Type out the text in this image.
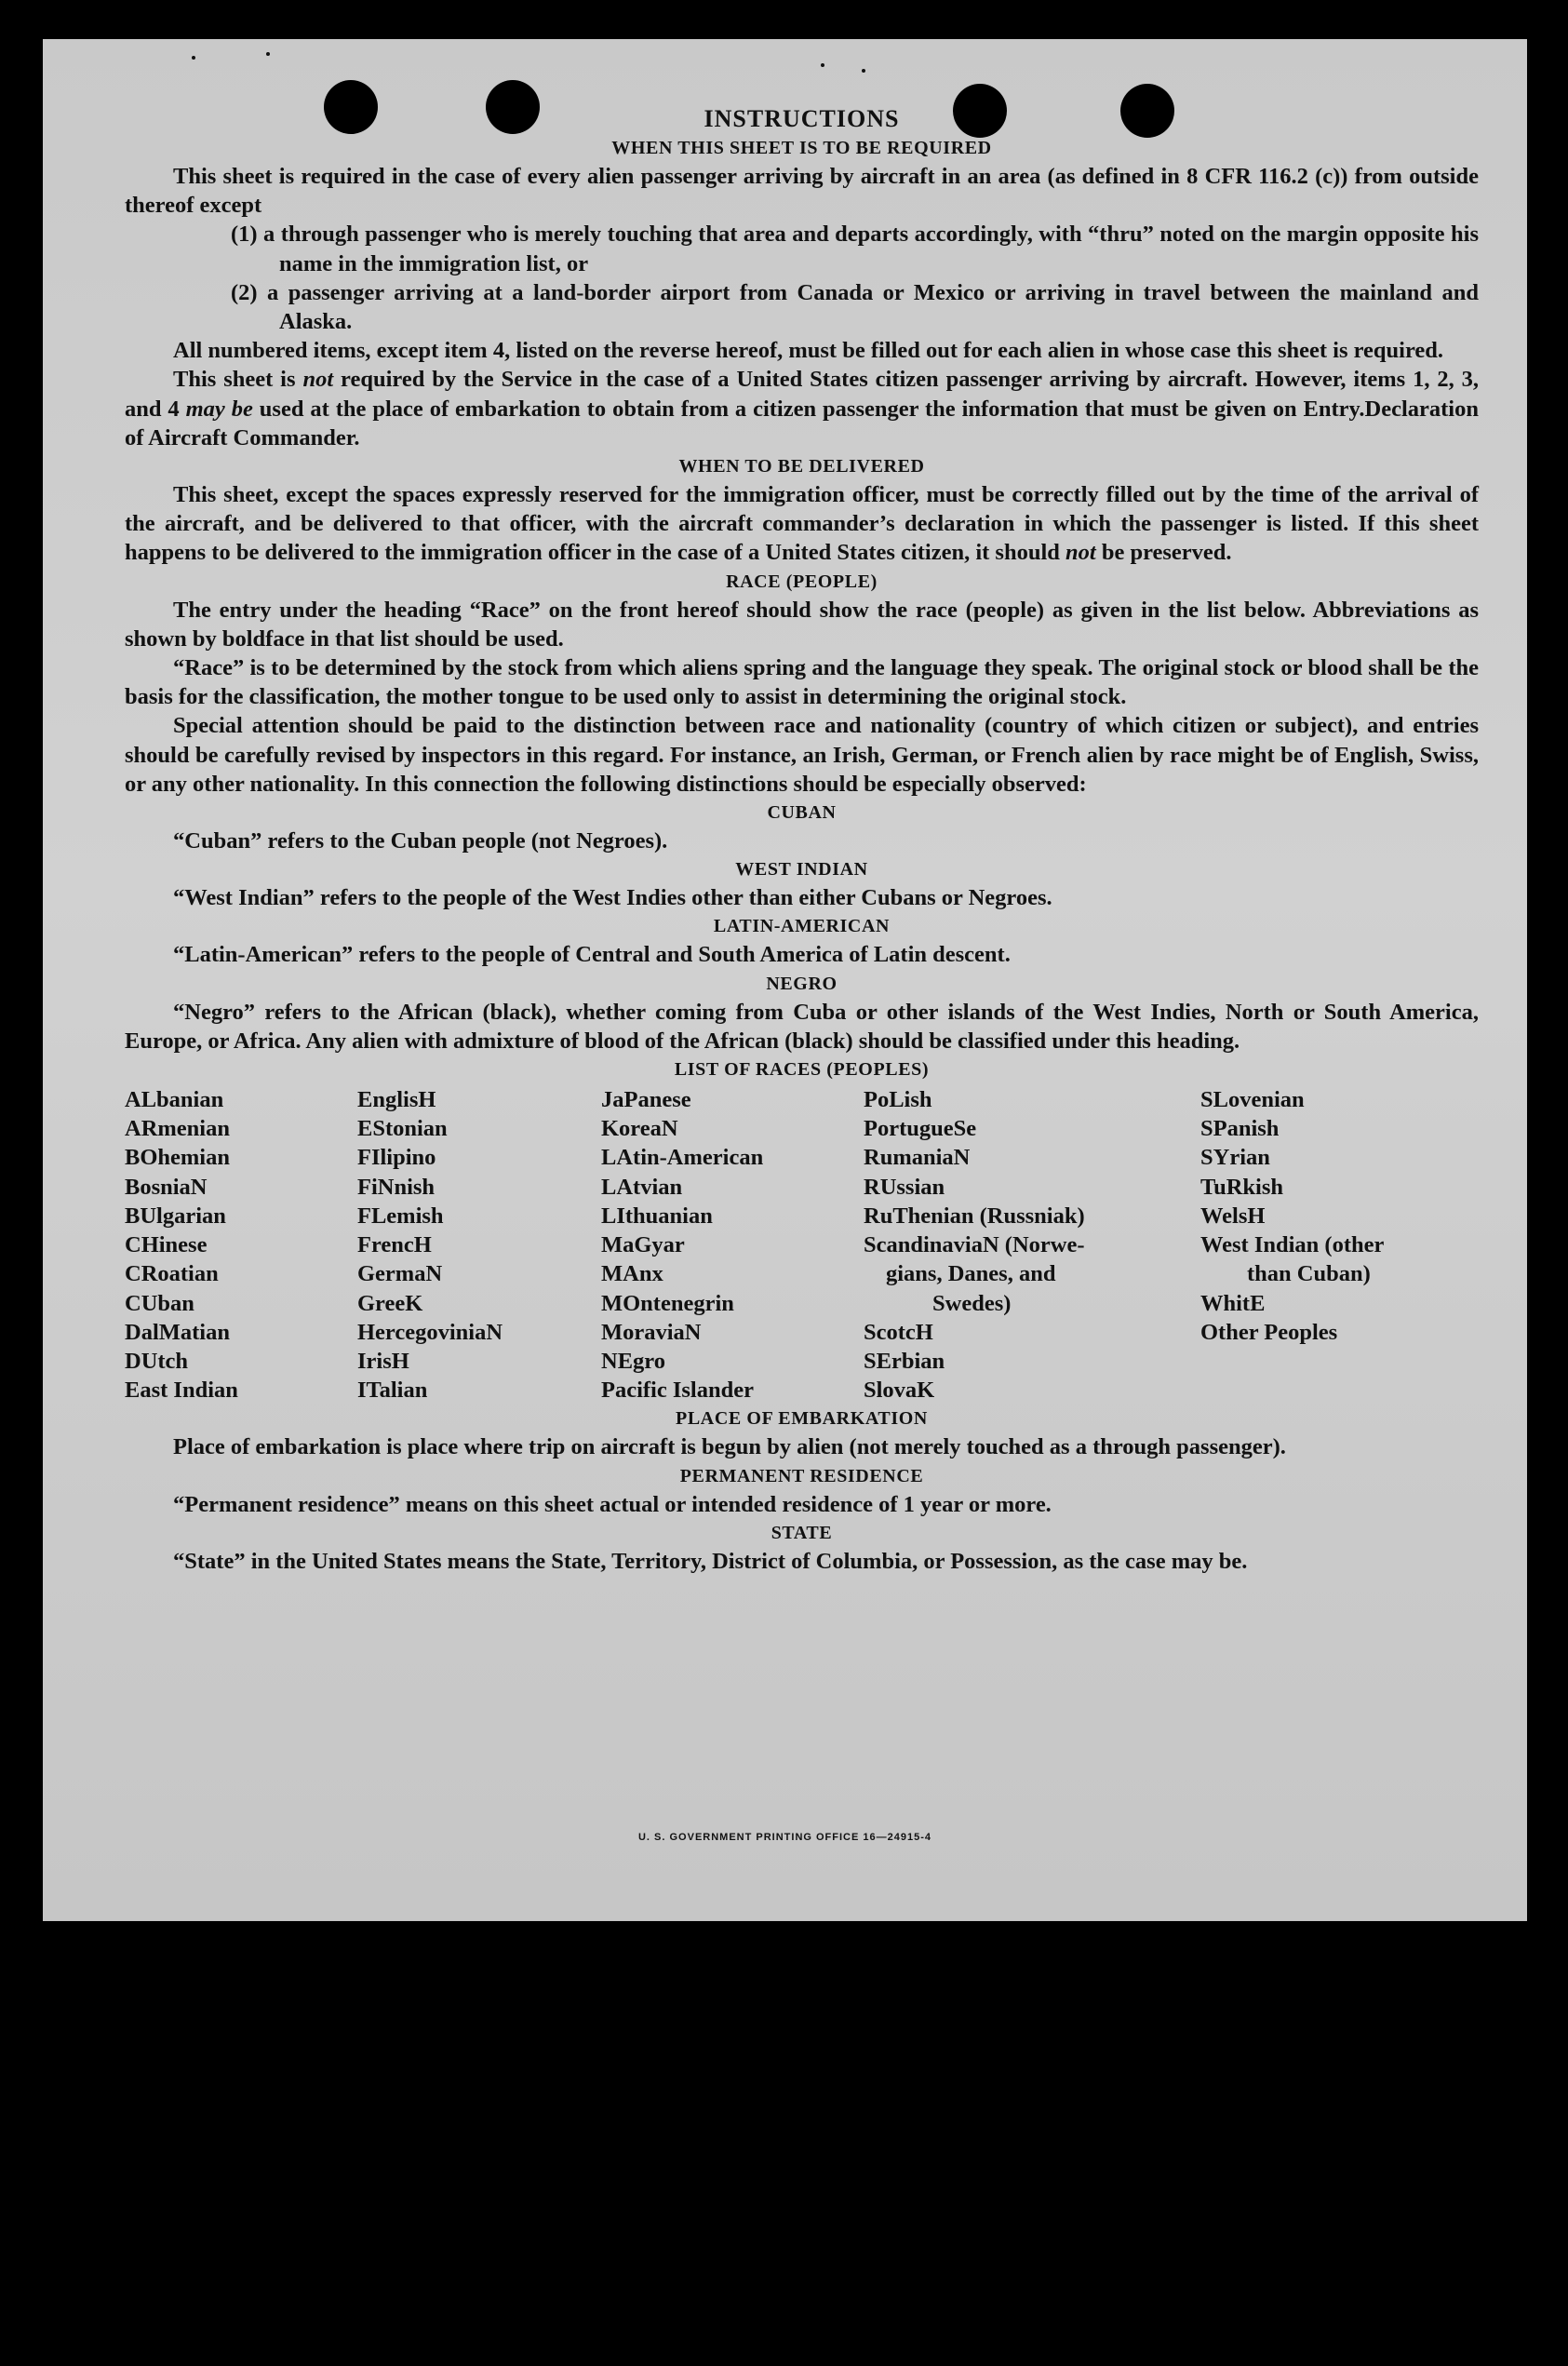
INSTRUCTIONS
WHEN THIS SHEET IS TO BE REQUIRED

This sheet is required in the case of every alien passenger arriving by aircraft in an area (as defined in 8 CFR 116.2 (c)) from outside thereof except

(1) a through passenger who is merely touching that area and departs accordingly, with “thru” noted on the margin opposite his name in the immigration list, or

(2) a passenger arriving at a land-border airport from Canada or Mexico or arriving in travel between the mainland and Alaska.

All numbered items, except item 4, listed on the reverse hereof, must be filled out for each alien in whose case this sheet is required.

This sheet is not required by the Service in the case of a United States citizen passenger arriving by aircraft. However, items 1, 2, 3, and 4 may be used at the place of embarkation to obtain from a citizen passenger the information that must be given on Entry.Declaration of Aircraft Commander.

WHEN TO BE DELIVERED

This sheet, except the spaces expressly reserved for the immigration officer, must be correctly filled out by the time of the arrival of the aircraft, and be delivered to that officer, with the aircraft commander’s declaration in which the passenger is listed. If this sheet happens to be delivered to the immigration officer in the case of a United States citizen, it should not be preserved.

RACE (PEOPLE)

The entry under the heading “Race” on the front hereof should show the race (people) as given in the list below. Abbreviations as shown by boldface in that list should be used.

“Race” is to be determined by the stock from which aliens spring and the language they speak. The original stock or blood shall be the basis for the classification, the mother tongue to be used only to assist in determining the original stock.

Special attention should be paid to the distinction between race and nationality (country of which citizen or subject), and entries should be carefully revised by inspectors in this regard. For instance, an Irish, German, or French alien by race might be of English, Swiss, or any other nationality. In this connection the following distinctions should be especially observed:

CUBAN

“Cuban” refers to the Cuban people (not Negroes).

WEST INDIAN

“West Indian” refers to the people of the West Indies other than either Cubans or Negroes.

LATIN-AMERICAN

“Latin-American” refers to the people of Central and South America of Latin descent.

NEGRO

“Negro” refers to the African (black), whether coming from Cuba or other islands of the West Indies, North or South America, Europe, or Africa. Any alien with admixture of blood of the African (black) should be classified under this heading.

LIST OF RACES (PEOPLES)
ALbanian
ARmenian
BOhemian
BosniaN
BUlgarian
CHinese
CRoatian
CUban
DalMatian
DUtch
East Indian
EnglisH
EStonian
FIlipino
FiNnish
FLemish
FrencH
GermaN
GreeK
HercegoviniaN
IrisH
ITalian
JaPanese
KoreaN
LAtin-American
LAtvian
LIthuanian
MaGyar
MAnx
MOntenegrin
MoraviaN
NEgro
Pacific Islander
PoLish
PortugueSe
RumaniaN
RUssian
RuThenian (Russniak)
ScandinaviaN (Norwe-
gians, Danes, and
Swedes)
ScotcH
SErbian
SlovaK
SLovenian
SPanish
SYrian
TuRkish
WelsH
West Indian (other
than Cuban)
WhitE
Other Peoples
PLACE OF EMBARKATION

Place of embarkation is place where trip on aircraft is begun by alien (not merely touched as a through passenger).

PERMANENT RESIDENCE

“Permanent residence” means on this sheet actual or intended residence of 1 year or more.

STATE

“State” in the United States means the State, Territory, District of Columbia, or Possession, as the case may be.

U. S. GOVERNMENT PRINTING OFFICE 16—24915-4
